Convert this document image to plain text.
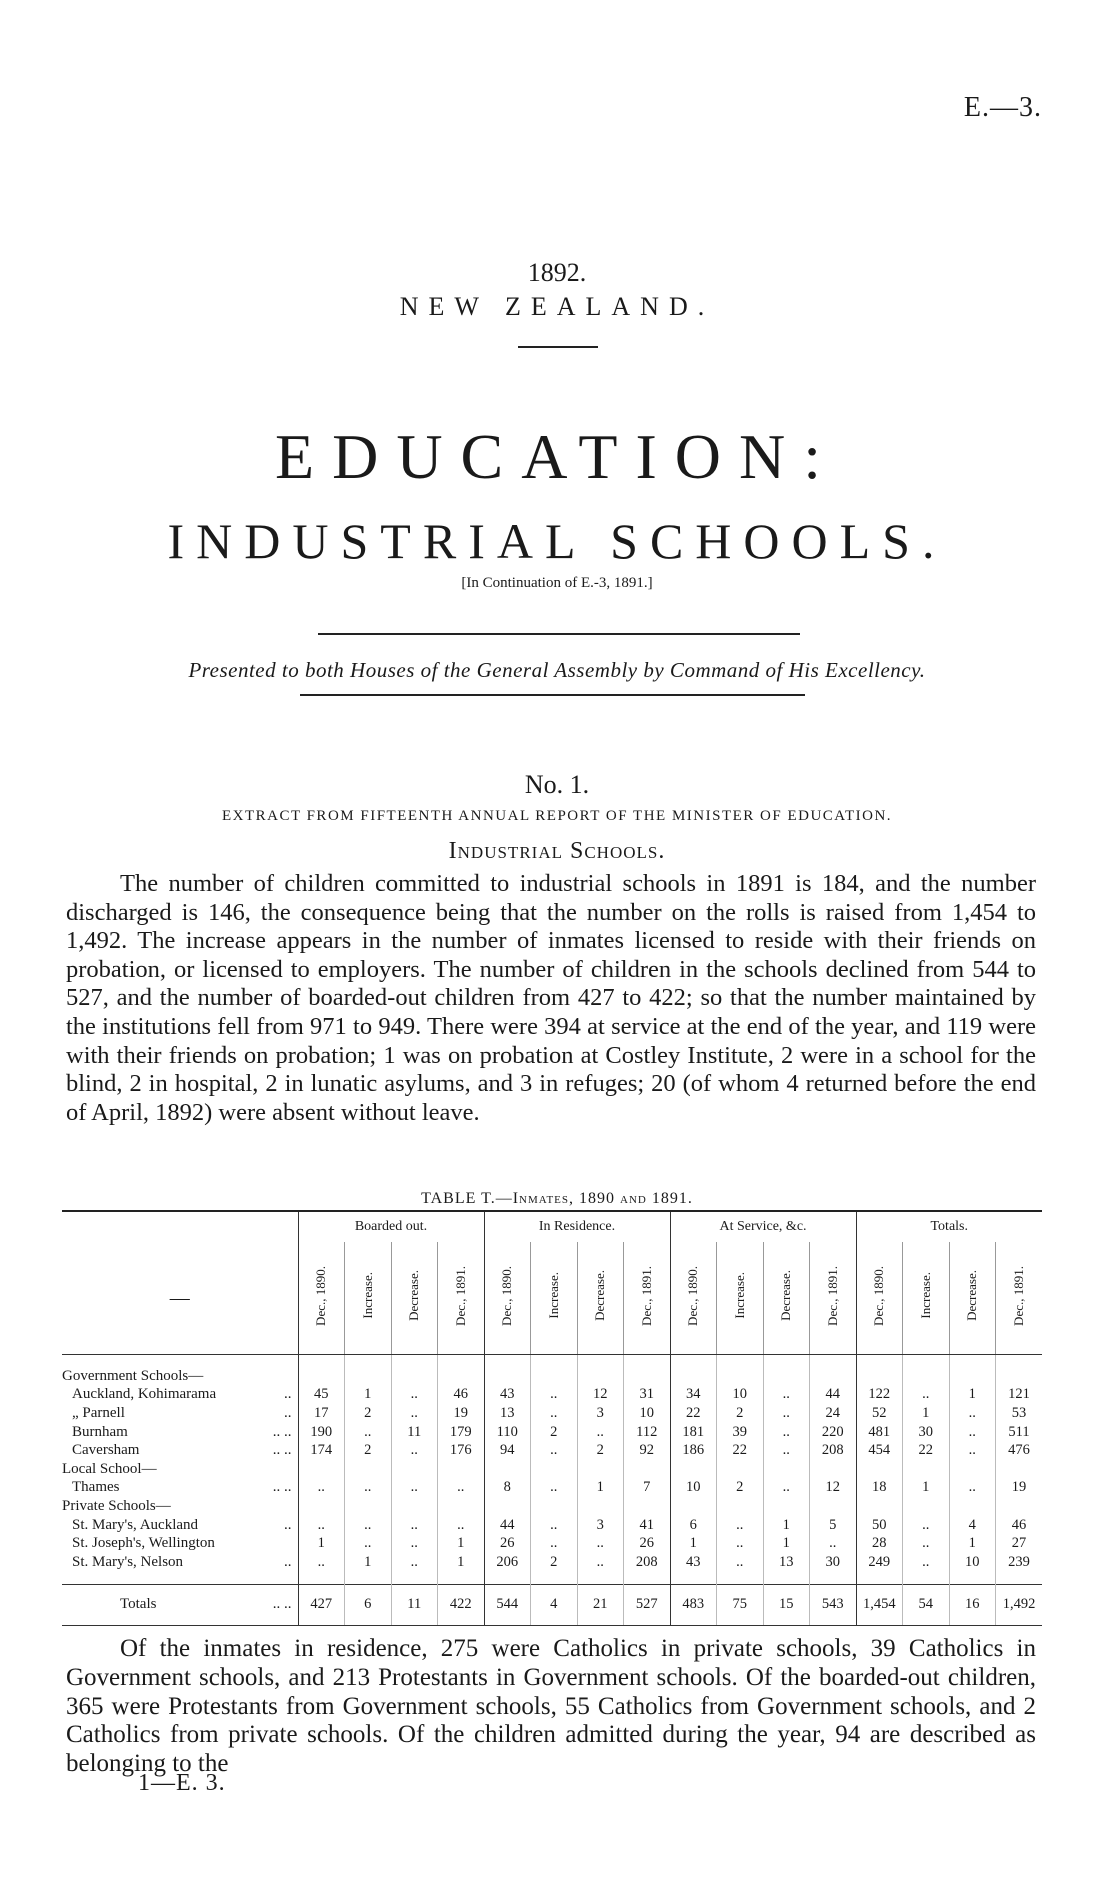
E.—3.
1892.
NEW ZEALAND.
EDUCATION:
INDUSTRIAL SCHOOLS.
[In Continuation of E.-3, 1891.]
Presented to both Houses of the General Assembly by Command of His Excellency.
No. 1.
EXTRACT FROM FIFTEENTH ANNUAL REPORT OF THE MINISTER OF EDUCATION.
Industrial Schools.
The number of children committed to industrial schools in 1891 is 184, and the number discharged is 146, the consequence being that the number on the rolls is raised from 1,454 to 1,492. The increase appears in the number of inmates licensed to reside with their friends on probation, or licensed to employers. The number of children in the schools declined from 544 to 527, and the number of boarded-out children from 427 to 422; so that the number maintained by the institutions fell from 971 to 949. There were 394 at service at the end of the year, and 119 were with their friends on probation; 1 was on probation at Costley Institute, 2 were in a school for the blind, 2 in hospital, 2 in lunatic asylums, and 3 in refuges; 20 (of whom 4 returned before the end of April, 1892) were absent without leave.
TABLE T.—Inmates, 1890 and 1891.
	Boarded out.				In Residence.				At Service, &c.				Totals.			
—	Dec., 1890.	Increase.	Decrease.	Dec., 1891.	Dec., 1890.	Increase.	Decrease.	Dec., 1891.	Dec., 1890.	Increase.	Decrease.	Dec., 1891.	Dec., 1890.	Increase.	Decrease.	Dec., 1891.

Government Schools—																
Auckland, Kohimarama ..	45	1	..	46	43	..	12	31	34	10	..	44	122	..	1	121
„ Parnell ..	17	2	..	19	13	..	3	10	22	2	..	24	52	1	..	53
Burnham .. ..	190	..	11	179	110	2	..	112	181	39	..	220	481	30	..	511
Caversham .. ..	174	2	..	176	94	..	2	92	186	22	..	208	454	22	..	476
Local School—																
Thames .. ..	..	..	..	..	8	..	1	7	10	2	..	12	18	1	..	19
Private Schools—																
St. Mary's, Auckland ..	..	..	..	..	44	..	3	41	6	..	1	5	50	..	4	46
St. Joseph's, Wellington	1	..	..	1	26	..	..	26	1	..	1	..	28	..	1	27
St. Mary's, Nelson ..	..	1	..	1	206	2	..	208	43	..	13	30	249	..	10	239

Totals .. ..	427	6	11	422	544	4	21	527	483	75	15	543	1,454	54	16	1,492
Of the inmates in residence, 275 were Catholics in private schools, 39 Catholics in Government schools, and 213 Protestants in Government schools. Of the boarded-out children, 365 were Protestants from Government schools, 55 Catholics from Government schools, and 2 Catholics from private schools. Of the children admitted during the year, 94 are described as belonging to the
1—E. 3.
